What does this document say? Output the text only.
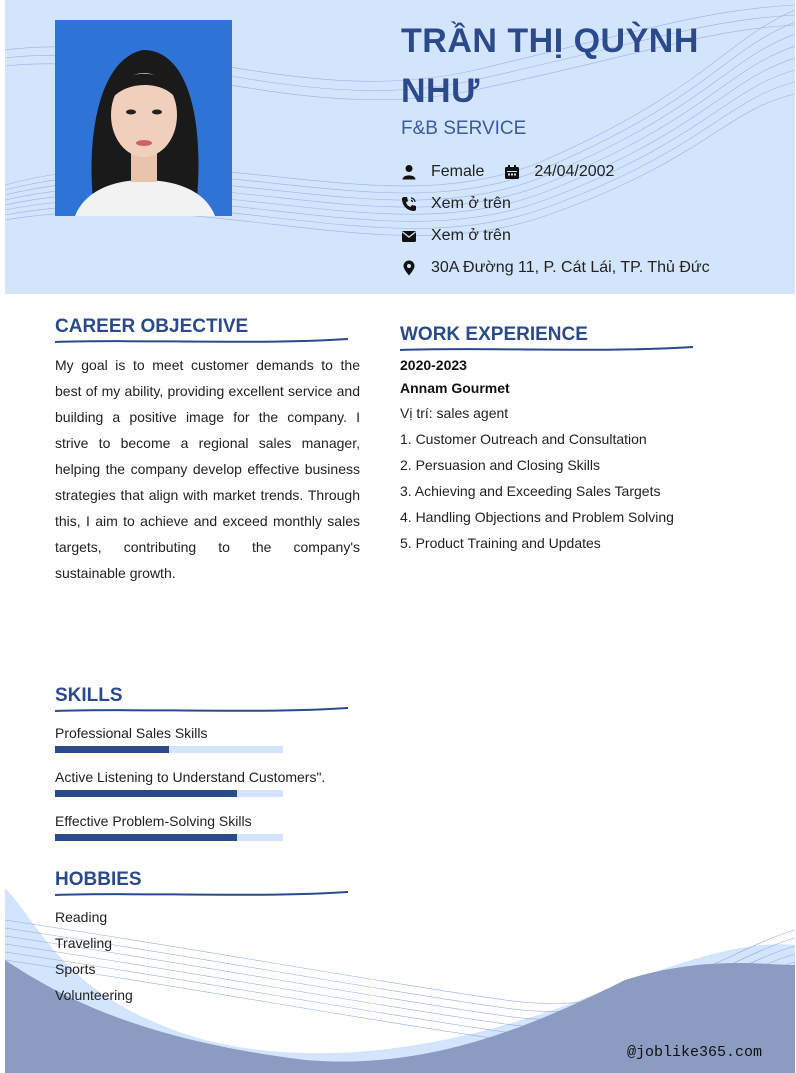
TRẦN THỊ QUỲNH NHƯ
F&B SERVICE
Female	24/04/2002
Xem ở trên
Xem ở trên
30A Đường 11, P. Cát Lái, TP. Thủ Đức
CAREER OBJECTIVE
My goal is to meet customer demands to the best of my ability, providing excellent service and building a positive image for the company. I strive to become a regional sales manager, helping the company develop effective business strategies that align with market trends. Through this, I aim to achieve and exceed monthly sales targets, contributing to the company's sustainable growth.
WORK EXPERIENCE
2020-2023
Annam Gourmet
Vị trí: sales agent
1. Customer Outreach and Consultation
2. Persuasion and Closing Skills
3. Achieving and Exceeding Sales Targets
4. Handling Objections and Problem Solving
5. Product Training and Updates
SKILLS
Professional Sales Skills
Active Listening to Understand Customers".
Effective Problem-Solving Skills
HOBBIES
Reading
Traveling
Sports
Volunteering
@joblike365.com
